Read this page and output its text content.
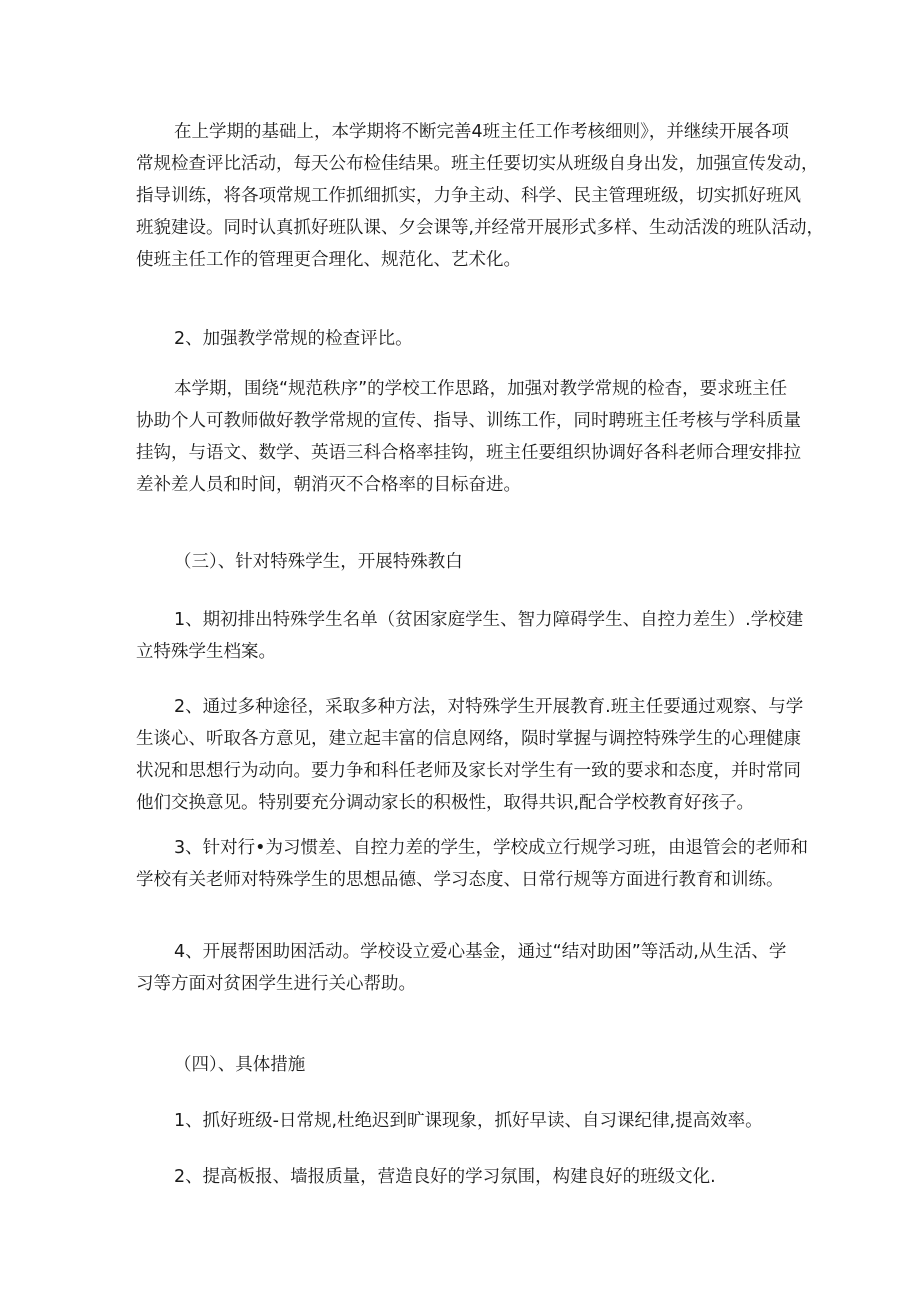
在上学期的基础上，本学期将不断完善4班主任工作考核细则》，并继续开展各项
常规检查评比活动，每天公布检佳结果。班主任要切实从班级自身出发，加强宣传发动，
指导训练，将各项常规工作抓细抓实，力争主动、科学、民主管理班级，切实抓好班风
班貌建设。同时认真抓好班队课、夕会课等,并经常开展形式多样、生动活泼的班队活动，
使班主任工作的管理更合理化、规范化、艺术化。
2、加强教学常规的检查评比。
本学期，围绕“规范秩序”的学校工作思路，加强对教学常规的检杳，要求班主任
协助个人可教师做好教学常规的宣传、指导、训练工作，同时聘班主任考核与学科质量
挂钩，与语文、数学、英语三科合格率挂钩，班主任要组织协调好各科老师合理安排拉
差补差人员和时间，朝消灭不合格率的目标奋进。
（三）、针对特殊学生，开展特殊教白
1、期初排出特殊学生名单（贫困家庭学生、智力障碍学生、自控力差生）.学校建
立特殊学生档案。
2、通过多种途径，采取多种方法，对特殊学生开展教育.班主任要通过观察、与学
生谈心、听取各方意见，建立起丰富的信息网络，陨时掌握与调控特殊学生的心理健康
状况和思想行为动向。要力争和科任老师及家长对学生有一致的要求和态度，并时常同
他们交换意见。特别要充分调动家长的积极性，取得共识,配合学校教育好孩子。
3、针对行•为习惯差、自控力差的学生，学校成立行规学习班，由退管会的老师和
学校有关老师对特殊学生的思想品德、学习态度、日常行规等方面进行教育和训练。
4、开展帮困助困活动。学校设立爱心基金，通过“结对助困”等活动,从生活、学
习等方面对贫困学生进行关心帮助。
（四）、具体措施
1、抓好班级-日常规,杜绝迟到旷课现象，抓好早读、自习课纪律,提高效率。
2、提高板报、墙报质量，营造良好的学习氛围，构建良好的班级文化.
